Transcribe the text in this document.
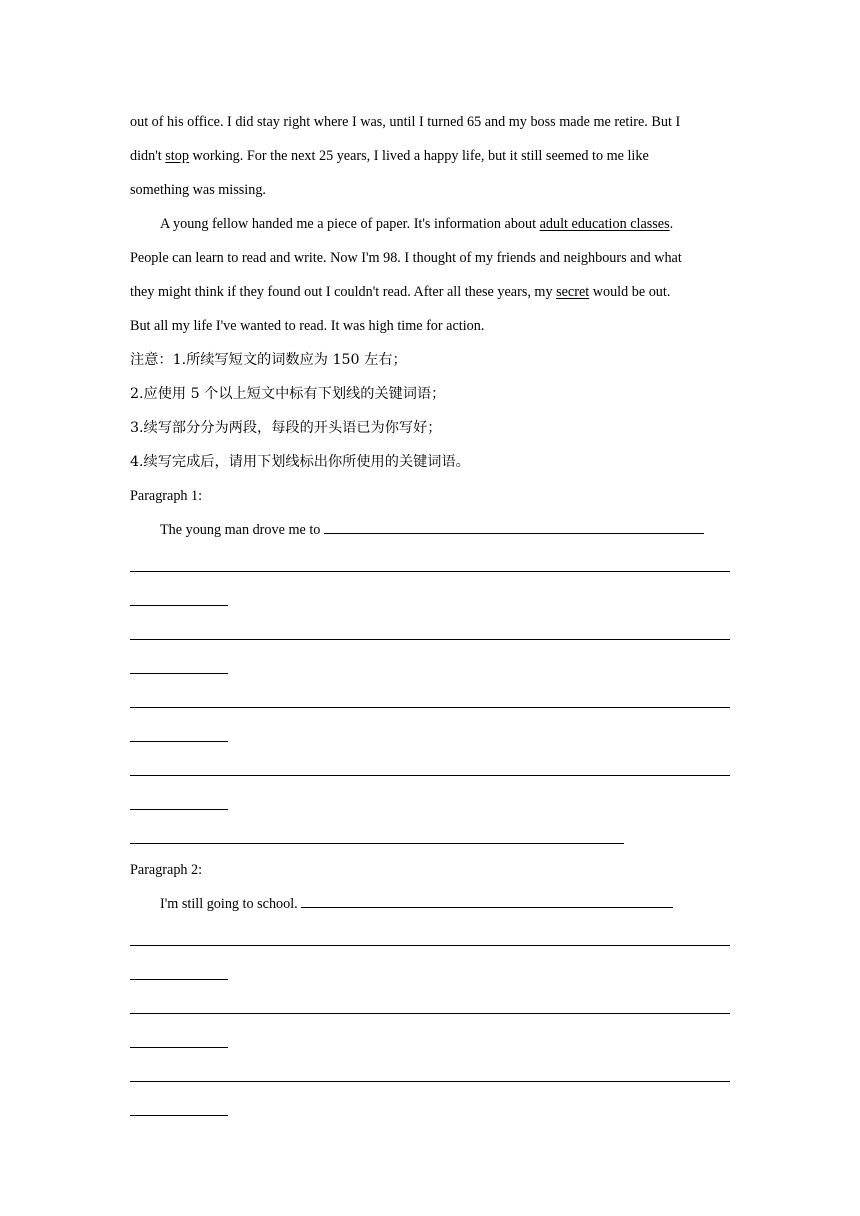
out of his office. I did stay right where I was, until I turned 65 and my boss made me retire. But I
didn't stop working. For the next 25 years, I lived a happy life, but it still seemed to me like
something was missing.
A young fellow handed me a piece of paper. It's information about adult education classes.
People can learn to read and write. Now I'm 98. I thought of my friends and neighbours and what
they might think if they found out I couldn't read. After all these years, my secret would be out.
But all my life I've wanted to read. It was high time for action.
注意：1.所续写短文的词数应为 150 左右；
2.应使用 5 个以上短文中标有下划线的关键词语；
3.续写部分分为两段，每段的开头语已为你写好；
4.续写完成后，请用下划线标出你所使用的关键词语。
Paragraph 1:
The young man drove me to
Paragraph 2:
I'm still going to school.
